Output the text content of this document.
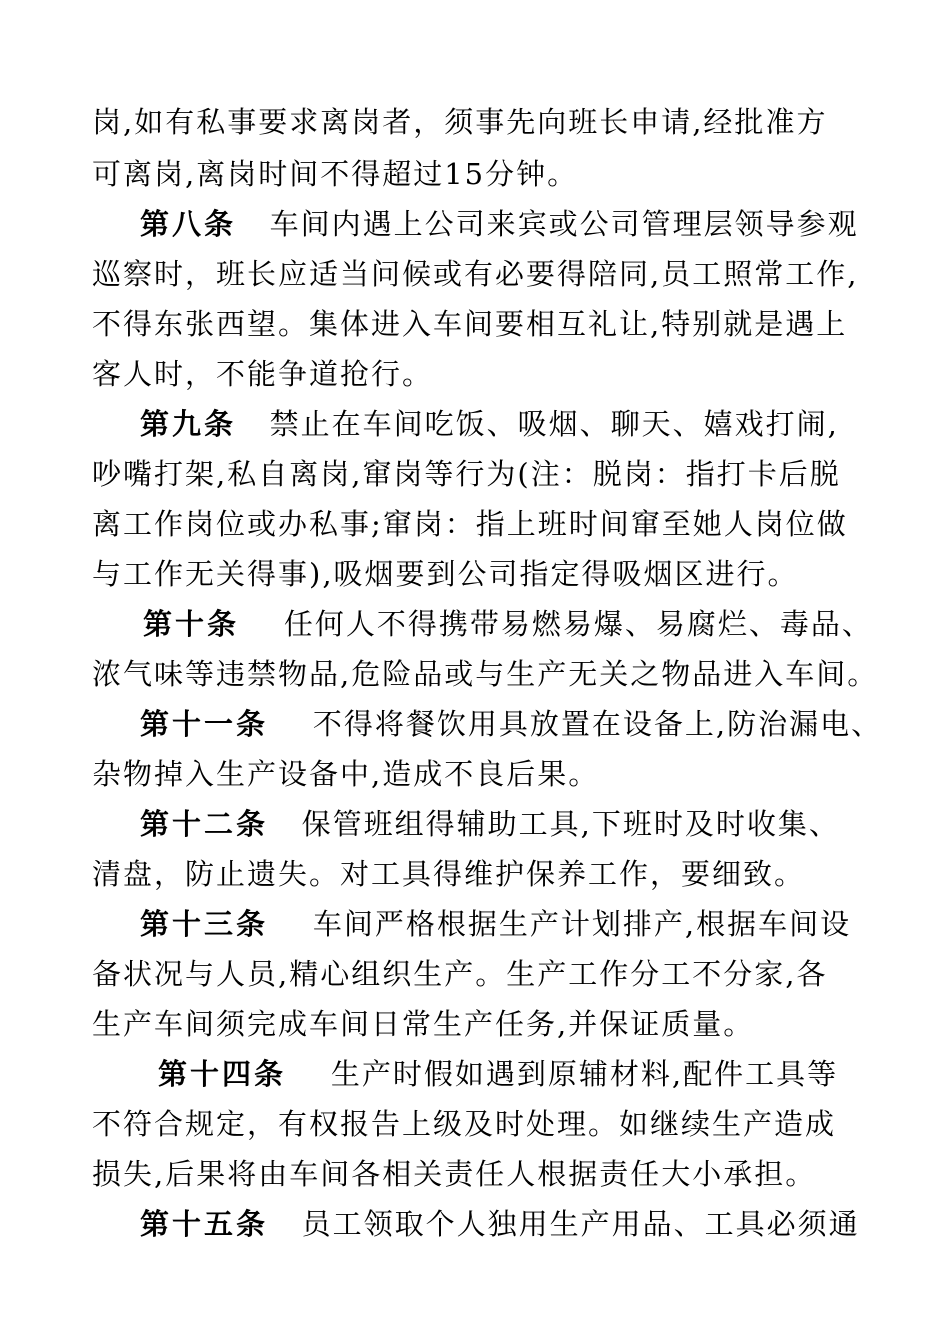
岗,如有私事要求离岗者，须事先向班长申请,经批准方
可离岗,离岗时间不得超过15分钟。
第八条   车间内遇上公司来宾或公司管理层领导参观
巡察时，班长应适当问候或有必要得陪同,员工照常工作,
不得东张西望。集体进入车间要相互礼让,特别就是遇上
客人时，不能争道抢行。
第九条   禁止在车间吃饭、吸烟、聊天、嬉戏打闹,
吵嘴打架,私自离岗,窜岗等行为(注：脱岗：指打卡后脱
离工作岗位或办私事;窜岗：指上班时间窜至她人岗位做
与工作无关得事),吸烟要到公司指定得吸烟区进行。
第十条    任何人不得携带易燃易爆、易腐烂、毒品、
浓气味等违禁物品,危险品或与生产无关之物品进入车间。
第十一条    不得将餐饮用具放置在设备上,防治漏电、
杂物掉入生产设备中,造成不良后果。
第十二条   保管班组得辅助工具,下班时及时收集、
清盘，防止遗失。对工具得维护保养工作，要细致。
第十三条    车间严格根据生产计划排产,根据车间设
备状况与人员,精心组织生产。生产工作分工不分家,各
生产车间须完成车间日常生产任务,并保证质量。
第十四条    生产时假如遇到原辅材料,配件工具等
不符合规定，有权报告上级及时处理。如继续生产造成
损失,后果将由车间各相关责任人根据责任大小承担。
第十五条   员工领取个人独用生产用品、工具必须通
